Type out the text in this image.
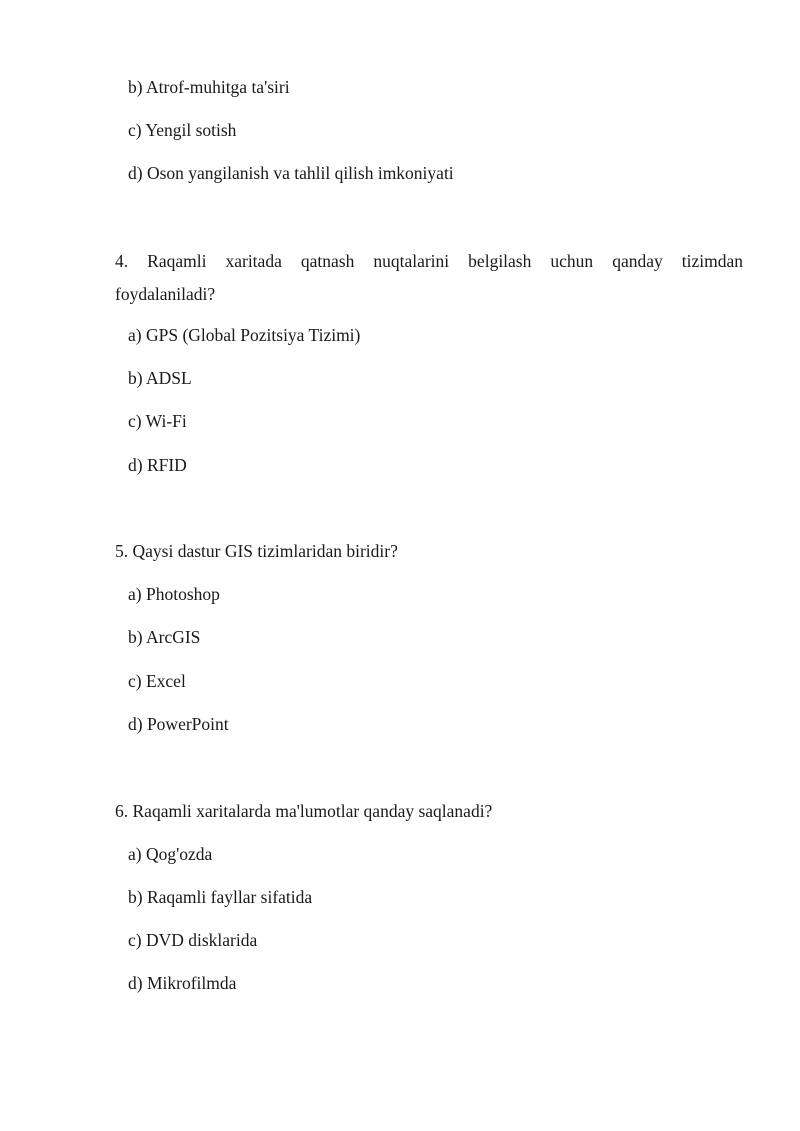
b) Atrof-muhitga ta'siri
c) Yengil sotish
d) Oson yangilanish va tahlil qilish imkoniyati
4. Raqamli xaritada qatnash nuqtalarini belgilash uchun qanday tizimdan
foydalaniladi?
a) GPS (Global Pozitsiya Tizimi)
b) ADSL
c) Wi-Fi
d) RFID
5. Qaysi dastur GIS tizimlaridan biridir?
a) Photoshop
b) ArcGIS
c) Excel
d) PowerPoint
6. Raqamli xaritalarda ma'lumotlar qanday saqlanadi?
a) Qog'ozda
b) Raqamli fayllar sifatida
c) DVD disklarida
d) Mikrofilmda
